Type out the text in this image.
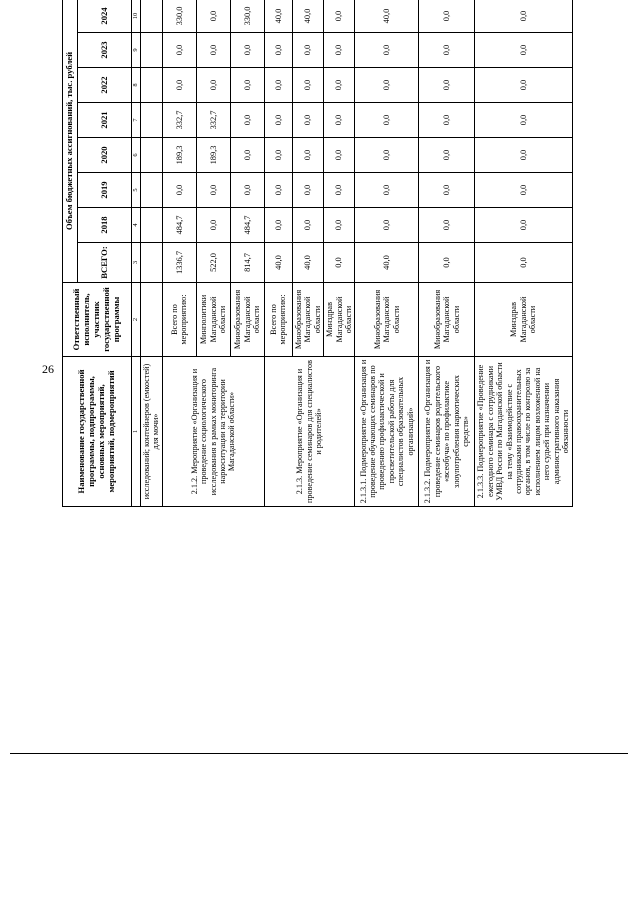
26
Наименование государственной программы, подпрограммы, основных мероприятий, мероприятий, подмероприятий	Ответственный исполнитель, участник государственной программы	Объем бюджетных ассигнований, тыс. рублей							
		ВСЕГО:	2018	2019	2020	2021	2022	2023	2024
1	2	3	4	5	6	7	8	9	10
исследований; контейнеров (емкостей) для мочи»									
2.1.2. Мероприятие «Организация и проведение социологического исследования в рамках мониторинга наркоситуации на территории Магаданской области»	Всего по мероприятию:	1336,7	484,7	0,0	189,3	332,7	0,0	0,0	330,0
	Минполитики Магаданской области	522,0	0,0	0,0	189,3	332,7	0,0	0,0	0,0
	Минобразования Магаданской области	814,7	484,7	0,0	0,0	0,0	0,0	0,0	330,0
2.1.3. Мероприятие «Организация и проведение семинаров для специалистов и родителей»	Всего по мероприятию:	40,0	0,0	0,0	0,0	0,0	0,0	0,0	40,0
	Минобразования Магаданской области	40,0	0,0	0,0	0,0	0,0	0,0	0,0	40,0
	Минздрав Магаданской области	0,0	0,0	0,0	0,0	0,0	0,0	0,0	0,0
2.1.3.1. Подмероприятие «Организация и проведение обучающих семинаров по проведению профилактической и просветительской работы для специалистов образовательных организаций»	Минобразования Магаданской области	40,0	0,0	0,0	0,0	0,0	0,0	0,0	40,0
2.1.3.2. Подмероприятие «Организация и проведение семинаров родительского «всеобуча» по профилактике злоупотребления наркотических средств»	Минобразования Магаданской области	0,0	0,0	0,0	0,0	0,0	0,0	0,0	0,0
2.1.3.3. Подмероприятие «Проведение ежегодного семинара с сотрудниками УМВД России по Магаданской области на тему «Взаимодействие с сотрудниками правоохранительных органов, в том числе по контролю за исполнением лицом возложенной на него судьей при назначении административного наказания обязанности	Минздрав Магаданской области	0,0	0,0	0,0	0,0	0,0	0,0	0,0	0,0
